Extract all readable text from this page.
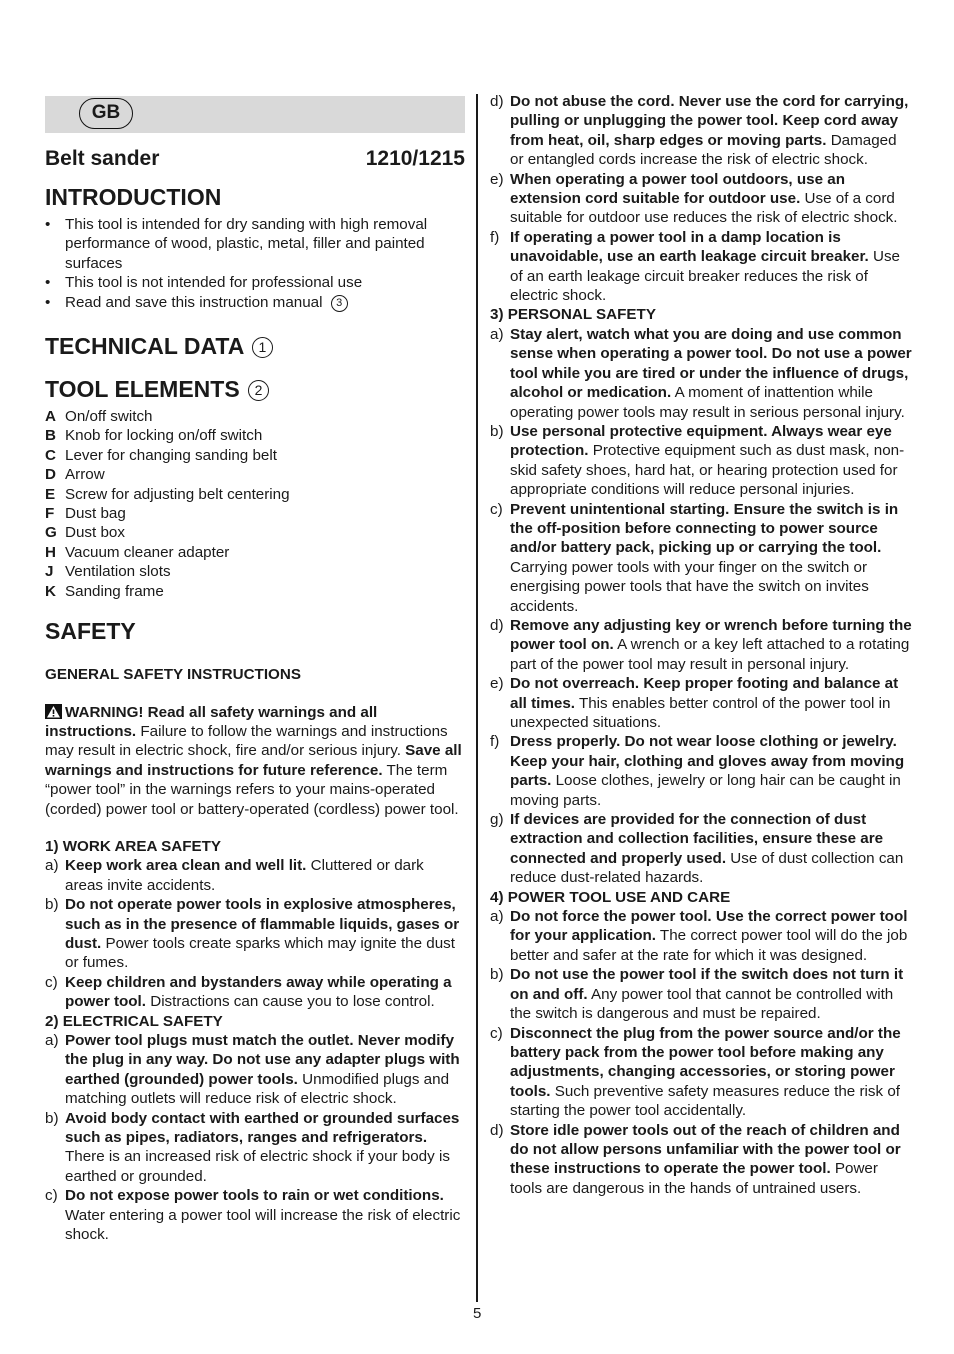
GB
Belt sander	1210/1215
INTRODUCTION
• This tool is intended for dry sanding with high removal performance of wood, plastic, metal, filler and painted surfaces
• This tool is not intended for professional use
• Read and save this instruction manual 3
TECHNICAL DATA 1
TOOL ELEMENTS 2
A On/off switch
B Knob for locking on/off switch
C Lever for changing sanding belt
D Arrow
E Screw for adjusting belt centering
F Dust bag
G Dust box
H Vacuum cleaner adapter
J Ventilation slots
K Sanding frame
SAFETY
GENERAL SAFETY INSTRUCTIONS
WARNING! Read all safety warnings and all instructions. Failure to follow the warnings and instructions may result in electric shock, fire and/or serious injury. Save all warnings and instructions for future reference. The term “power tool” in the warnings refers to your mains-operated (corded) power tool or battery-operated (cordless) power tool.
1) WORK AREA SAFETY
a) Keep work area clean and well lit. Cluttered or dark areas invite accidents.
b) Do not operate power tools in explosive atmospheres, such as in the presence of flammable liquids, gases or dust. Power tools create sparks which may ignite the dust or fumes.
c) Keep children and bystanders away while operating a power tool. Distractions can cause you to lose control.
2) ELECTRICAL SAFETY
a) Power tool plugs must match the outlet. Never modify the plug in any way. Do not use any adapter plugs with earthed (grounded) power tools. Unmodified plugs and matching outlets will reduce risk of electric shock.
b) Avoid body contact with earthed or grounded surfaces such as pipes, radiators, ranges and refrigerators. There is an increased risk of electric shock if your body is earthed or grounded.
c) Do not expose power tools to rain or wet conditions. Water entering a power tool will increase the risk of electric shock.
d) Do not abuse the cord. Never use the cord for carrying, pulling or unplugging the power tool. Keep cord away from heat, oil, sharp edges or moving parts. Damaged or entangled cords increase the risk of electric shock.
e) When operating a power tool outdoors, use an extension cord suitable for outdoor use. Use of a cord suitable for outdoor use reduces the risk of electric shock.
f) If operating a power tool in a damp location is unavoidable, use an earth leakage circuit breaker. Use of an earth leakage circuit breaker reduces the risk of electric shock.
3) PERSONAL SAFETY
a) Stay alert, watch what you are doing and use common sense when operating a power tool. Do not use a power tool while you are tired or under the influence of drugs, alcohol or medication. A moment of inattention while operating power tools may result in serious personal injury.
b) Use personal protective equipment. Always wear eye protection. Protective equipment such as dust mask, non-skid safety shoes, hard hat, or hearing protection used for appropriate conditions will reduce personal injuries.
c) Prevent unintentional starting. Ensure the switch is in the off-position before connecting to power source and/or battery pack, picking up or carrying the tool. Carrying power tools with your finger on the switch or energising power tools that have the switch on invites accidents.
d) Remove any adjusting key or wrench before turning the power tool on. A wrench or a key left attached to a rotating part of the power tool may result in personal injury.
e) Do not overreach. Keep proper footing and balance at all times. This enables better control of the power tool in unexpected situations.
f) Dress properly. Do not wear loose clothing or jewelry. Keep your hair, clothing and gloves away from moving parts. Loose clothes, jewelry or long hair can be caught in moving parts.
g) If devices are provided for the connection of dust extraction and collection facilities, ensure these are connected and properly used. Use of dust collection can reduce dust-related hazards.
4) POWER TOOL USE AND CARE
a) Do not force the power tool. Use the correct power tool for your application. The correct power tool will do the job better and safer at the rate for which it was designed.
b) Do not use the power tool if the switch does not turn it on and off. Any power tool that cannot be controlled with the switch is dangerous and must be repaired.
c) Disconnect the plug from the power source and/or the battery pack from the power tool before making any adjustments, changing accessories, or storing power tools. Such preventive safety measures reduce the risk of starting the power tool accidentally.
d) Store idle power tools out of the reach of children and do not allow persons unfamiliar with the power tool or these instructions to operate the power tool. Power tools are dangerous in the hands of untrained users.
5
